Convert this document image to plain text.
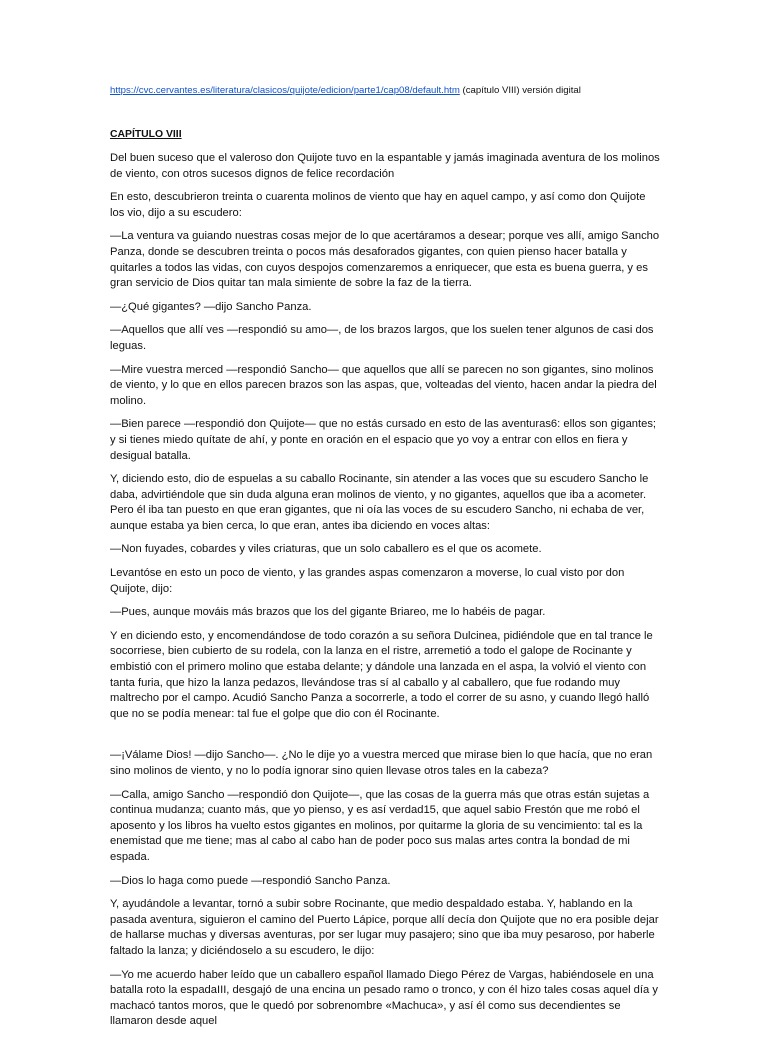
https://cvc.cervantes.es/literatura/clasicos/quijote/edicion/parte1/cap08/default.htm (capítulo VIII) versión digital
CAPÍTULO VIII

Del buen suceso que el valeroso don Quijote tuvo en la espantable y jamás imaginada aventura de los molinos de viento, con otros sucesos dignos de felice recordación

En esto, descubrieron treinta o cuarenta molinos de viento que hay en aquel campo, y así como don Quijote los vio, dijo a su escudero:

—La ventura va guiando nuestras cosas mejor de lo que acertáramos a desear; porque ves allí, amigo Sancho Panza, donde se descubren treinta o pocos más desaforados gigantes, con quien pienso hacer batalla y quitarles a todos las vidas, con cuyos despojos comenzaremos a enriquecer, que esta es buena guerra, y es gran servicio de Dios quitar tan mala simiente de sobre la faz de la tierra.

—¿Qué gigantes? —dijo Sancho Panza.

—Aquellos que allí ves —respondió su amo—, de los brazos largos, que los suelen tener algunos de casi dos leguas.

—Mire vuestra merced —respondió Sancho— que aquellos que allí se parecen no son gigantes, sino molinos de viento, y lo que en ellos parecen brazos son las aspas, que, volteadas del viento, hacen andar la piedra del molino.

—Bien parece —respondió don Quijote— que no estás cursado en esto de las aventuras6: ellos son gigantes; y si tienes miedo quítate de ahí, y ponte en oración en el espacio que yo voy a entrar con ellos en fiera y desigual batalla.

Y, diciendo esto, dio de espuelas a su caballo Rocinante, sin atender a las voces que su escudero Sancho le daba, advirtiéndole que sin duda alguna eran molinos de viento, y no gigantes, aquellos que iba a acometer. Pero él iba tan puesto en que eran gigantes, que ni oía las voces de su escudero Sancho, ni echaba de ver, aunque estaba ya bien cerca, lo que eran, antes iba diciendo en voces altas:

—Non fuyades, cobardes y viles criaturas, que un solo caballero es el que os acomete.

Levantóse en esto un poco de viento, y las grandes aspas comenzaron a moverse, lo cual visto por don Quijote, dijo:

—Pues, aunque mováis más brazos que los del gigante Briareo, me lo habéis de pagar.

Y en diciendo esto, y encomendándose de todo corazón a su señora Dulcinea, pidiéndole que en tal trance le socorriese, bien cubierto de su rodela, con la lanza en el ristre, arremetió a todo el galope de Rocinante y embistió con el primero molino que estaba delante; y dándole una lanzada en el aspa, la volvió el viento con tanta furia, que hizo la lanza pedazos, llevándose tras sí al caballo y al caballero, que fue rodando muy maltrecho por el campo. Acudió Sancho Panza a socorrerle, a todo el correr de su asno, y cuando llegó halló que no se podía menear: tal fue el golpe que dio con él Rocinante.

—¡Válame Dios! —dijo Sancho—. ¿No le dije yo a vuestra merced que mirase bien lo que hacía, que no eran sino molinos de viento, y no lo podía ignorar sino quien llevase otros tales en la cabeza?

—Calla, amigo Sancho —respondió don Quijote—, que las cosas de la guerra más que otras están sujetas a continua mudanza; cuanto más, que yo pienso, y es así verdad15, que aquel sabio Frestón que me robó el aposento y los libros ha vuelto estos gigantes en molinos, por quitarme la gloria de su vencimiento: tal es la enemistad que me tiene; mas al cabo al cabo han de poder poco sus malas artes contra la bondad de mi espada.

—Dios lo haga como puede —respondió Sancho Panza.

Y, ayudándole a levantar, tornó a subir sobre Rocinante, que medio despaldado estaba. Y, hablando en la pasada aventura, siguieron el camino del Puerto Lápice, porque allí decía don Quijote que no era posible dejar de hallarse muchas y diversas aventuras, por ser lugar muy pasajero; sino que iba muy pesaroso, por haberle faltado la lanza; y diciéndoselo a su escudero, le dijo:

—Yo me acuerdo haber leído que un caballero español llamado Diego Pérez de Vargas, habiéndosele en una batalla roto la espadaIII, desgajó de una encina un pesado ramo o tronco, y con él hizo tales cosas aquel día y machacó tantos moros, que le quedó por sobrenombre «Machuca», y así él como sus decendientes se llamaron desde aquel
